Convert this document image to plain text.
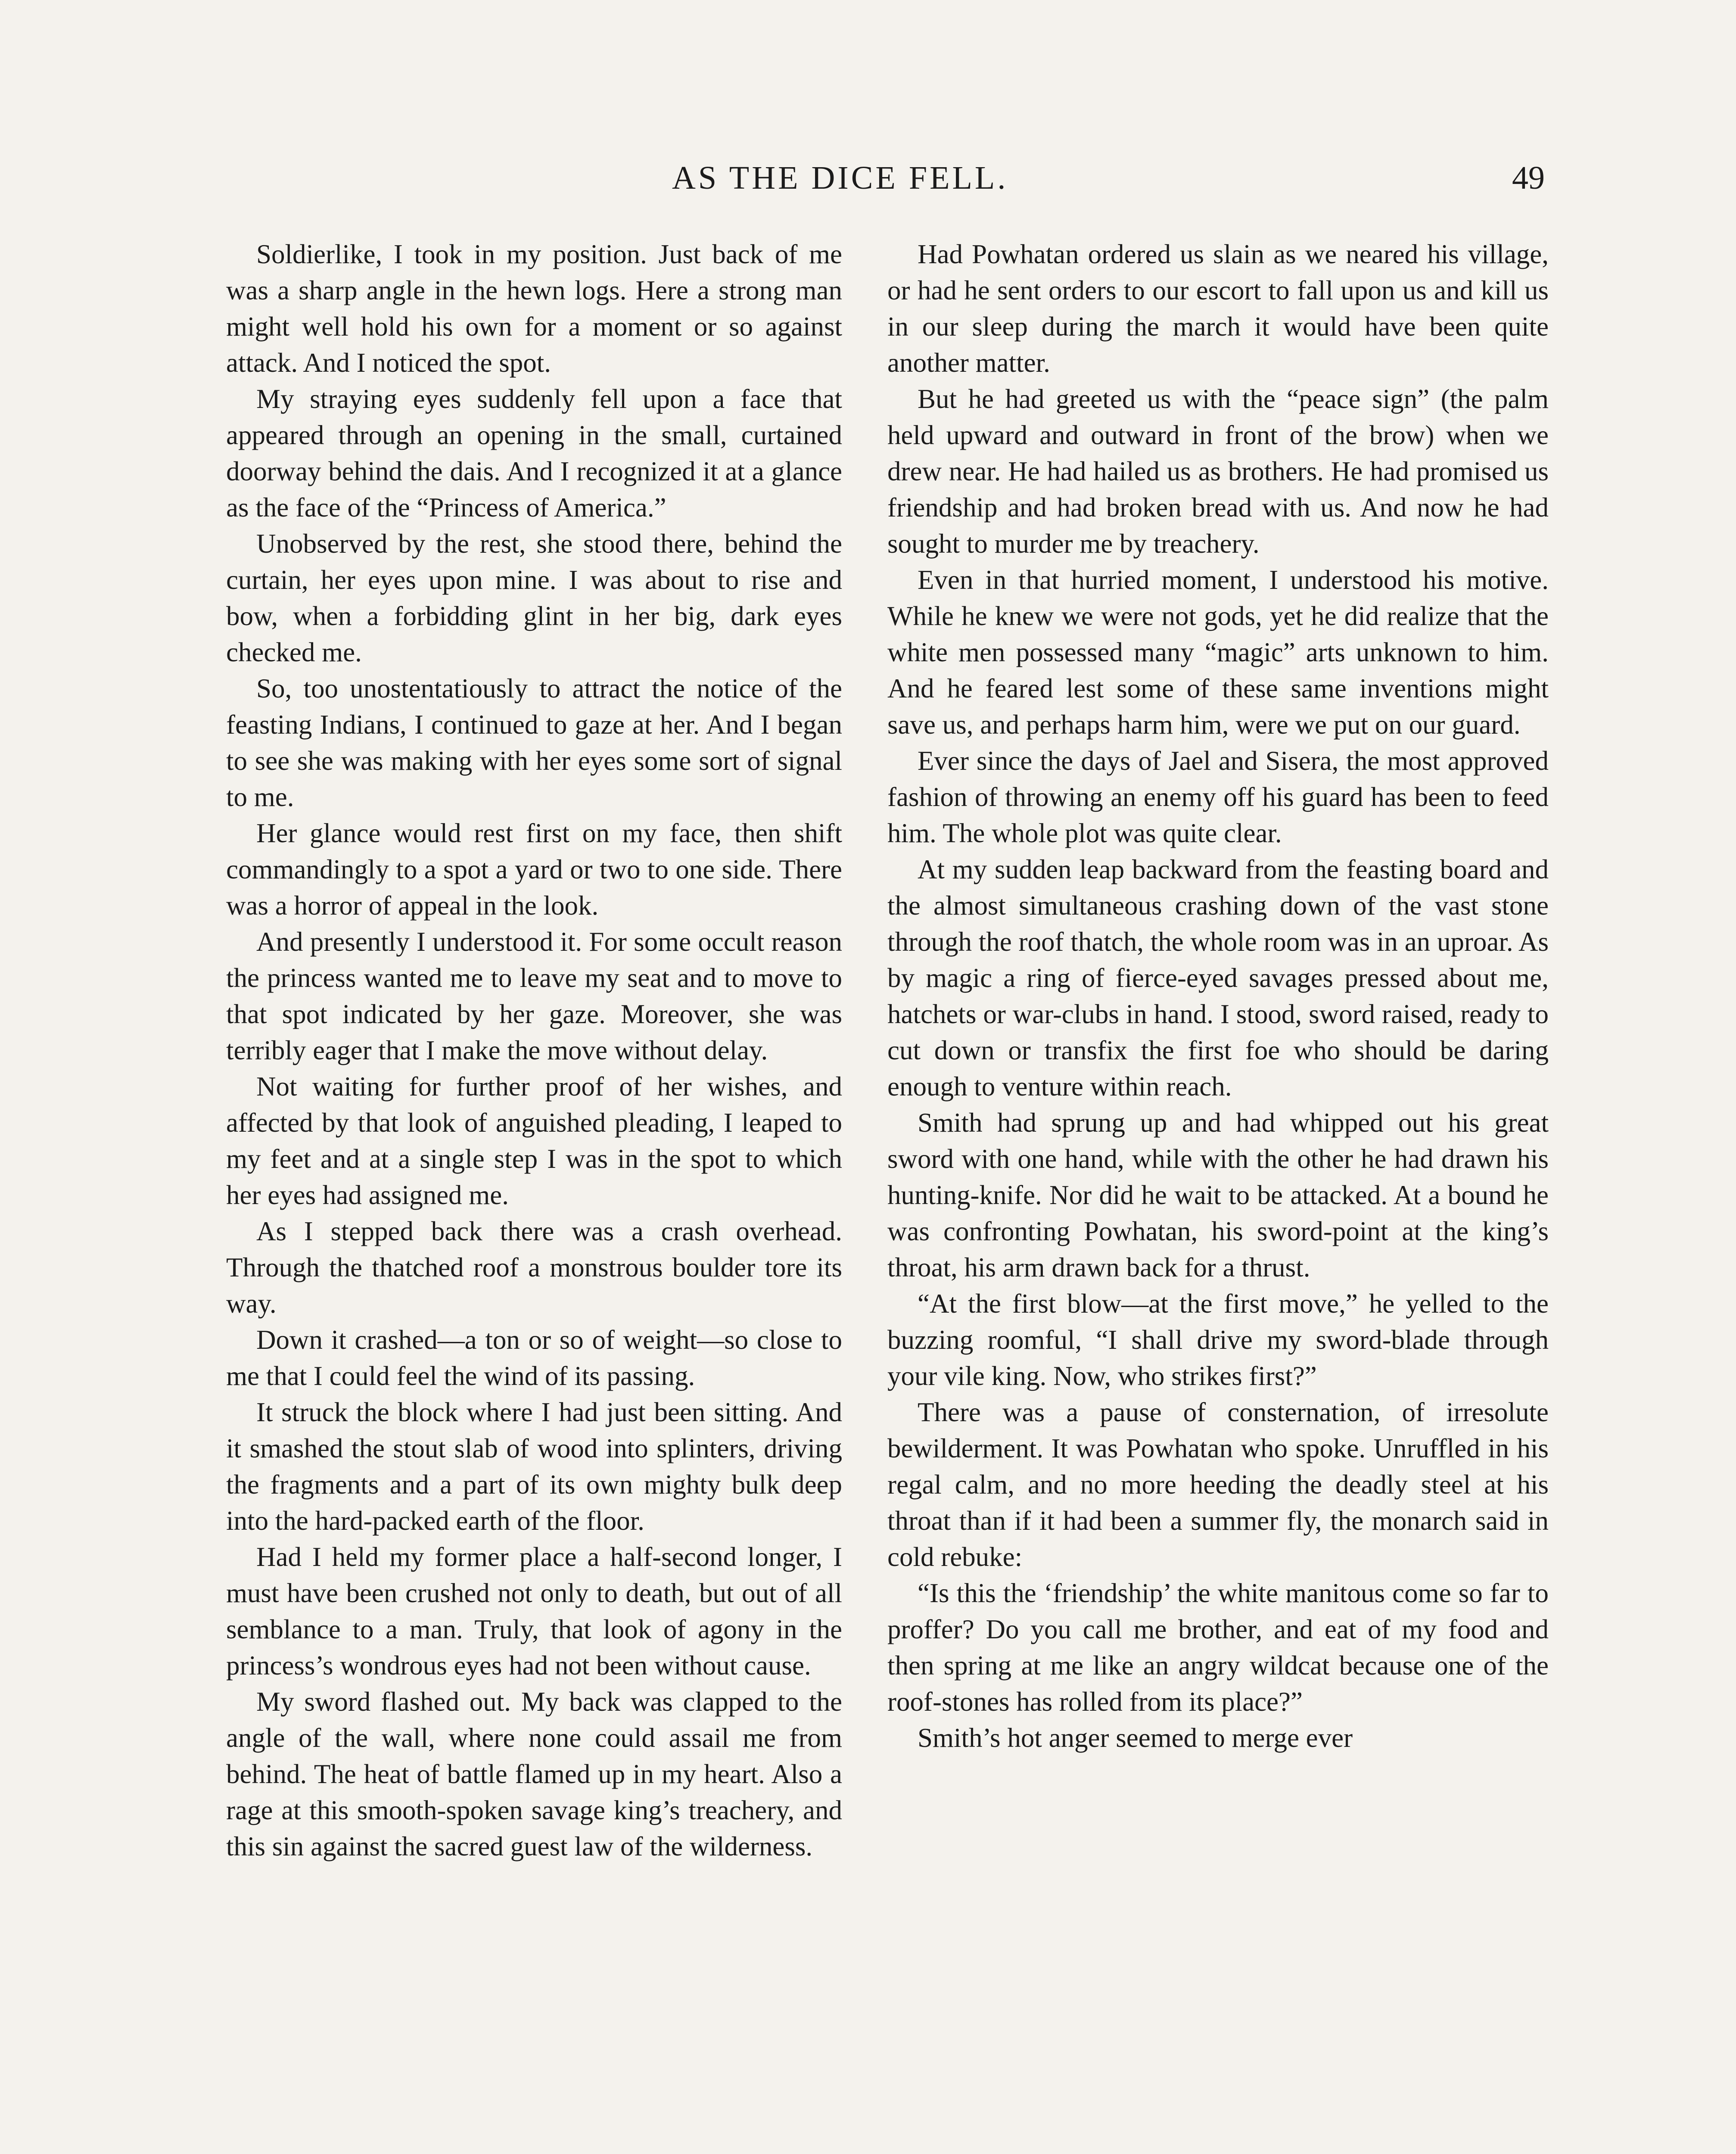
AS THE DICE FELL.	49

Soldierlike, I took in my position. Just back of me was a sharp angle in the hewn logs. Here a strong man might well hold his own for a moment or so against attack. And I noticed the spot.

My straying eyes suddenly fell upon a face that appeared through an opening in the small, curtained doorway behind the dais. And I recognized it at a glance as the face of the “Princess of America.”

Unobserved by the rest, she stood there, behind the curtain, her eyes upon mine. I was about to rise and bow, when a forbidding glint in her big, dark eyes checked me.

So, too unostentatiously to attract the notice of the feasting Indians, I continued to gaze at her. And I began to see she was making with her eyes some sort of signal to me.

Her glance would rest first on my face, then shift commandingly to a spot a yard or two to one side. There was a horror of appeal in the look.

And presently I understood it. For some occult reason the princess wanted me to leave my seat and to move to that spot indicated by her gaze. Moreover, she was terribly eager that I make the move without delay.

Not waiting for further proof of her wishes, and affected by that look of anguished pleading, I leaped to my feet and at a single step I was in the spot to which her eyes had assigned me.

As I stepped back there was a crash overhead. Through the thatched roof a monstrous boulder tore its way.

Down it crashed—a ton or so of weight—so close to me that I could feel the wind of its passing.

It struck the block where I had just been sitting. And it smashed the stout slab of wood into splinters, driving the fragments and a part of its own mighty bulk deep into the hard-packed earth of the floor.

Had I held my former place a half-second longer, I must have been crushed not only to death, but out of all semblance to a man. Truly, that look of agony in the princess’s wondrous eyes had not been without cause.

My sword flashed out. My back was clapped to the angle of the wall, where none could assail me from behind. The heat of battle flamed up in my heart. Also a rage at this smooth-spoken savage king’s treachery, and this sin against the sacred guest law of the wilderness.

Had Powhatan ordered us slain as we neared his village, or had he sent orders to our escort to fall upon us and kill us in our sleep during the march it would have been quite another matter.

But he had greeted us with the “peace sign” (the palm held upward and outward in front of the brow) when we drew near. He had hailed us as brothers. He had promised us friendship and had broken bread with us. And now he had sought to murder me by treachery.

Even in that hurried moment, I understood his motive. While he knew we were not gods, yet he did realize that the white men possessed many “magic” arts unknown to him. And he feared lest some of these same inventions might save us, and perhaps harm him, were we put on our guard.

Ever since the days of Jael and Sisera, the most approved fashion of throwing an enemy off his guard has been to feed him. The whole plot was quite clear.

At my sudden leap backward from the feasting board and the almost simultaneous crashing down of the vast stone through the roof thatch, the whole room was in an uproar. As by magic a ring of fierce-eyed savages pressed about me, hatchets or war-clubs in hand. I stood, sword raised, ready to cut down or transfix the first foe who should be daring enough to venture within reach.

Smith had sprung up and had whipped out his great sword with one hand, while with the other he had drawn his hunting-knife. Nor did he wait to be attacked. At a bound he was confronting Powhatan, his sword-point at the king’s throat, his arm drawn back for a thrust.

“At the first blow—at the first move,” he yelled to the buzzing roomful, “I shall drive my sword-blade through your vile king. Now, who strikes first?”

There was a pause of consternation, of irresolute bewilderment. It was Powhatan who spoke. Unruffled in his regal calm, and no more heeding the deadly steel at his throat than if it had been a summer fly, the monarch said in cold rebuke:

“Is this the ‘friendship’ the white manitous come so far to proffer? Do you call me brother, and eat of my food and then spring at me like an angry wildcat because one of the roof-stones has rolled from its place?”

Smith’s hot anger seemed to merge ever
